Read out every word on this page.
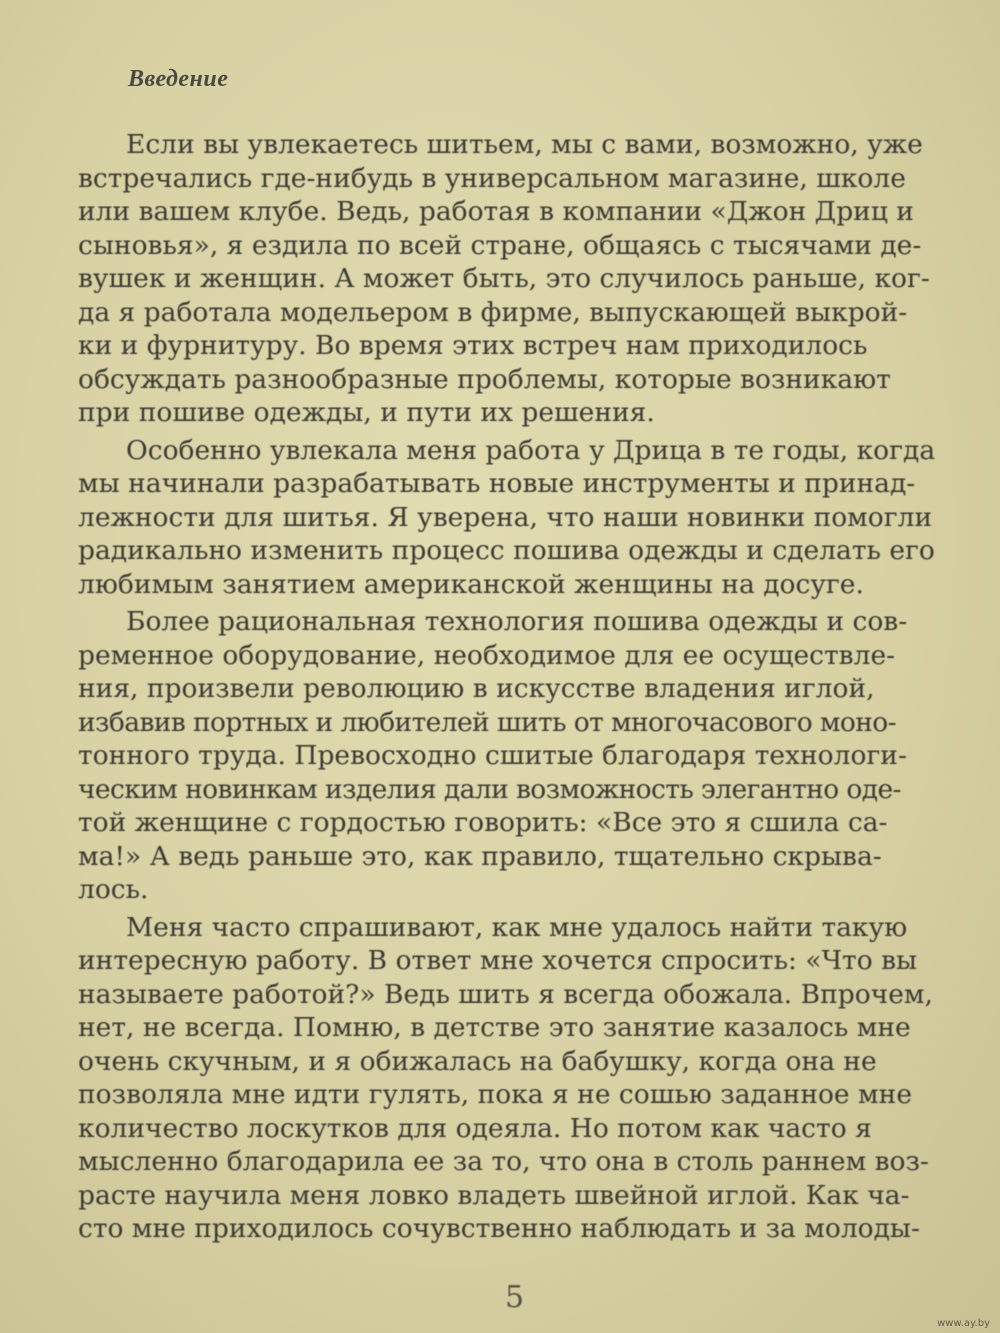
Введение

Если вы увлекаетесь шитьем, мы с вами, возможно, уже
встречались где-нибудь в универсальном магазине, школе
или вашем клубе. Ведь, работая в компании «Джон Дриц и
сыновья», я ездила по всей стране, общаясь с тысячами де-
вушек и женщин. А может быть, это случилось раньше, ког-
да я работала модельером в фирме, выпускающей выкрой-
ки и фурнитуру. Во время этих встреч нам приходилось
обсуждать разнообразные проблемы, которые возникают
при пошиве одежды, и пути их решения.

Особенно увлекала меня работа у Дрица в те годы, когда
мы начинали разрабатывать новые инструменты и принад-
лежности для шитья. Я уверена, что наши новинки помогли
радикально изменить процесс пошива одежды и сделать его
любимым занятием американской женщины на досуге.

Более рациональная технология пошива одежды и сов-
ременное оборудование, необходимое для ее осуществле-
ния, произвели революцию в искусстве владения иглой,
избавив портных и любителей шить от многочасового моно-
тонного труда. Превосходно сшитые благодаря технологи-
ческим новинкам изделия дали возможность элегантно оде-
той женщине с гордостью говорить: «Все это я сшила са-
ма!» А ведь раньше это, как правило, тщательно скрыва-
лось.

Меня часто спрашивают, как мне удалось найти такую
интересную работу. В ответ мне хочется спросить: «Что вы
называете работой?» Ведь шить я всегда обожала. Впрочем,
нет, не всегда. Помню, в детстве это занятие казалось мне
очень скучным, и я обижалась на бабушку, когда она не
позволяла мне идти гулять, пока я не сошью заданное мне
количество лоскутков для одеяла. Но потом как часто я
мысленно благодарила ее за то, что она в столь раннем воз-
расте научила меня ловко владеть швейной иглой. Как ча-
сто мне приходилось сочувственно наблюдать и за молоды-

5
www.ay.by
